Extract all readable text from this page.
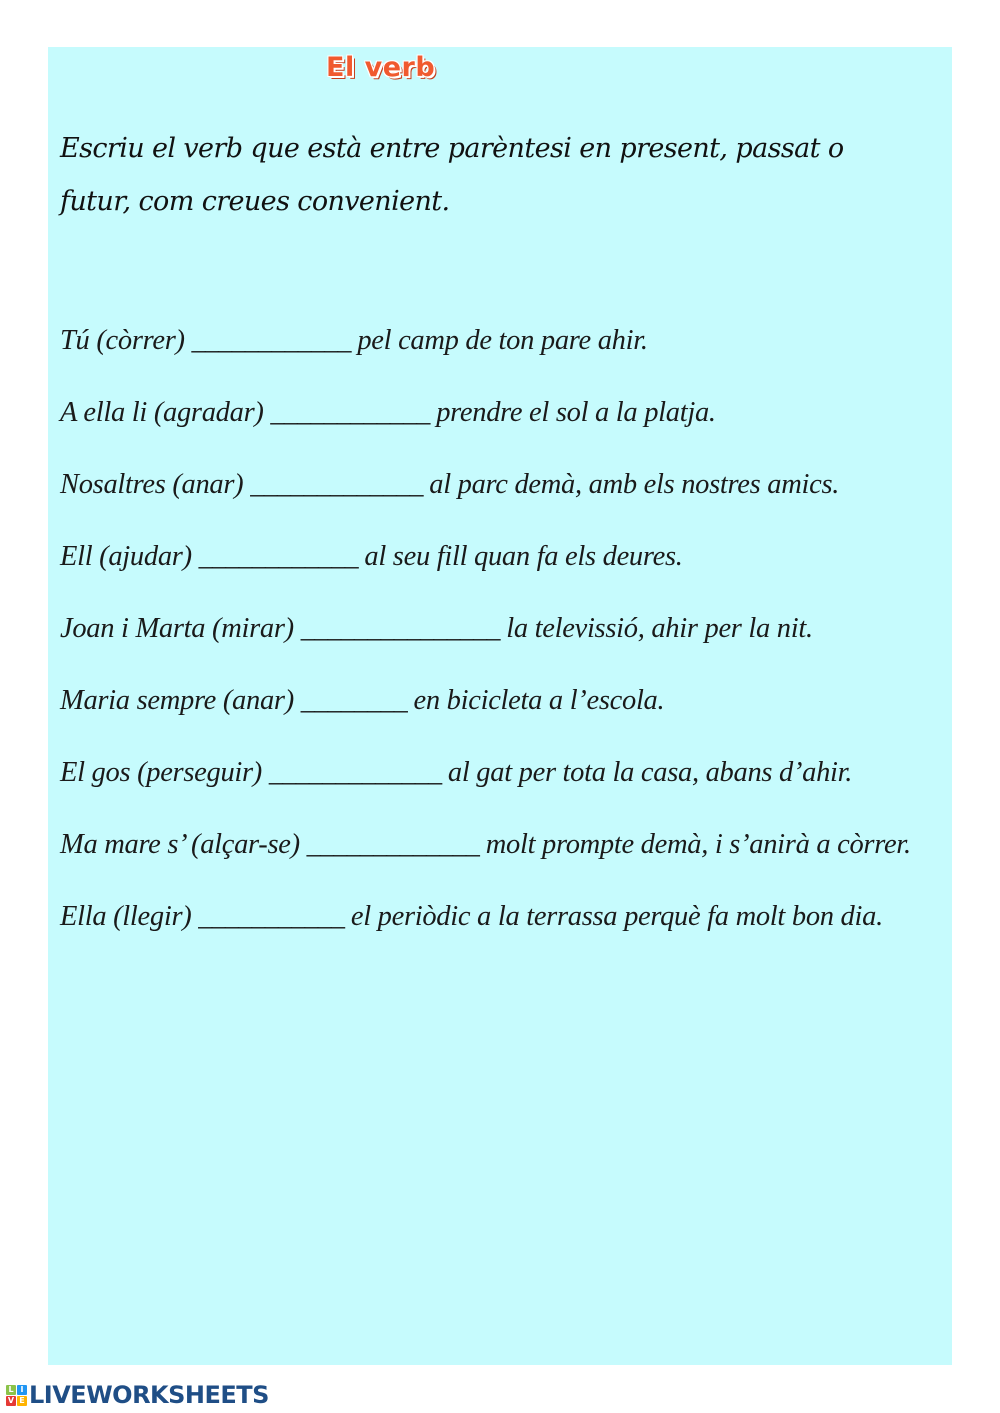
El verb
Escriu el verb que està entre parèntesi en present, passat o futur, com creues convenient.
Tú (còrrer) ____________ pel camp de ton pare ahir.
A ella li (agradar) ____________ prendre el sol a la platja.
Nosaltres (anar) _____________ al parc demà, amb els nostres amics.
Ell (ajudar) ____________ al seu fill quan fa els deures.
Joan i Marta (mirar) _______________ la televissió, ahir per la nit.
Maria sempre (anar) ________ en bicicleta a l’escola.
El gos (perseguir) _____________ al gat per tota la casa, abans d’ahir.
Ma mare s’ (alçar-se) _____________ molt prompte demà, i s’anirà a còrrer.
Ella (llegir) ___________ el periòdic a la terrassa perquè fa molt bon dia.
L I
V E LIVEWORKSHEETS
